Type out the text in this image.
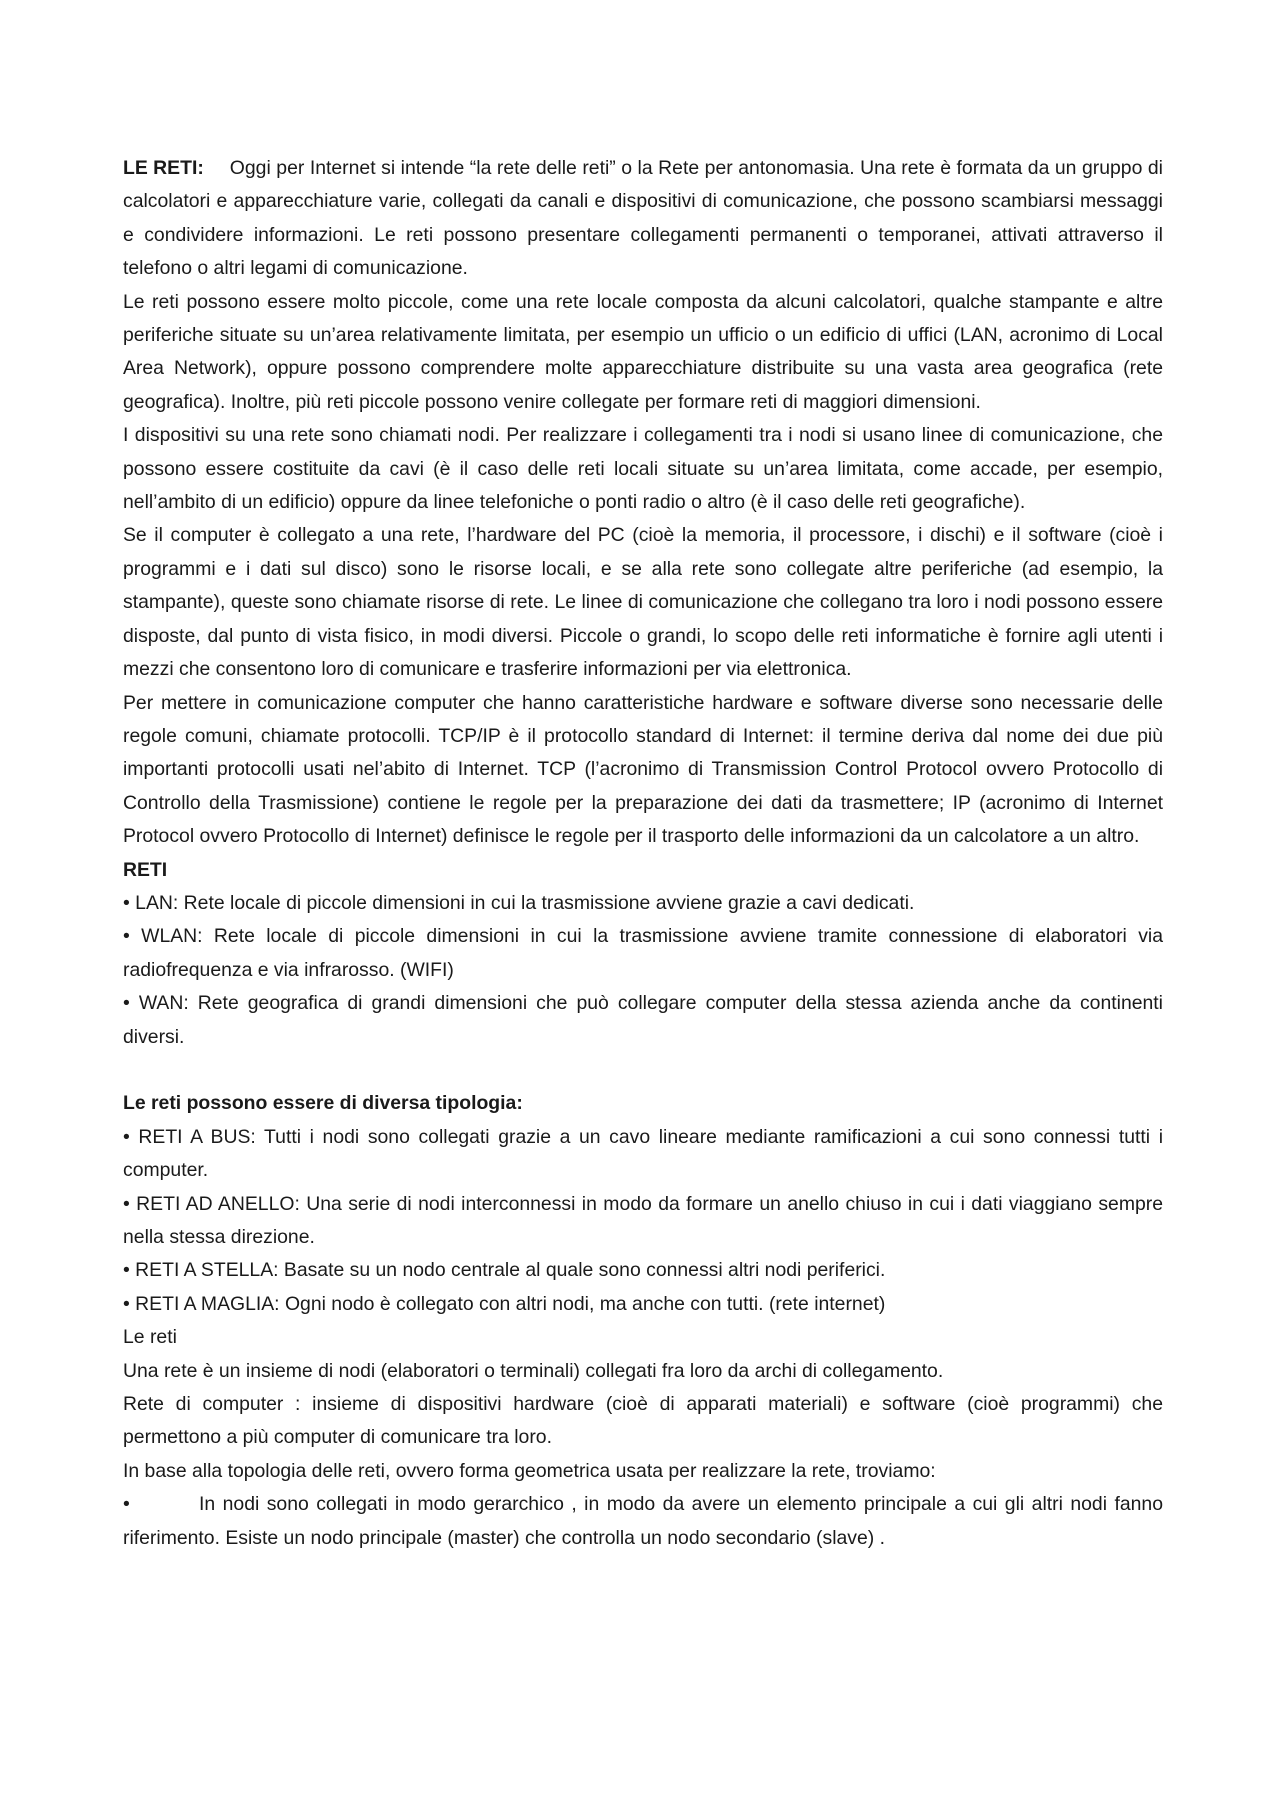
LE RETI: Oggi per Internet si intende “la rete delle reti” o la Rete per antonomasia. Una rete è formata da un gruppo di calcolatori e apparecchiature varie, collegati da canali e dispositivi di comunicazione, che possono scambiarsi messaggi e condividere informazioni. Le reti possono presentare collegamenti permanenti o temporanei, attivati attraverso il telefono o altri legami di comunicazione.

Le reti possono essere molto piccole, come una rete locale composta da alcuni calcolatori, qualche stampante e altre periferiche situate su un’area relativamente limitata, per esempio un ufficio o un edificio di uffici (LAN, acronimo di Local Area Network), oppure possono comprendere molte apparecchiature distribuite su una vasta area geografica (rete geografica). Inoltre, più reti piccole possono venire collegate per formare reti di maggiori dimensioni.

I dispositivi su una rete sono chiamati nodi. Per realizzare i collegamenti tra i nodi si usano linee di comunicazione, che possono essere costituite da cavi (è il caso delle reti locali situate su un’area limitata, come accade, per esempio, nell’ambito di un edificio) oppure da linee telefoniche o ponti radio o altro (è il caso delle reti geografiche).

Se il computer è collegato a una rete, l’hardware del PC (cioè la memoria, il processore, i dischi) e il software (cioè i programmi e i dati sul disco) sono le risorse locali, e se alla rete sono collegate altre periferiche (ad esempio, la stampante), queste sono chiamate risorse di rete. Le linee di comunicazione che collegano tra loro i nodi possono essere disposte, dal punto di vista fisico, in modi diversi. Piccole o grandi, lo scopo delle reti informatiche è fornire agli utenti i mezzi che consentono loro di comunicare e trasferire informazioni per via elettronica.

Per mettere in comunicazione computer che hanno caratteristiche hardware e software diverse sono necessarie delle regole comuni, chiamate protocolli. TCP/IP è il protocollo standard di Internet: il termine deriva dal nome dei due più importanti protocolli usati nel’abito di Internet. TCP (l’acronimo di Transmission Control Protocol ovvero Protocollo di Controllo della Trasmissione) contiene le regole per la preparazione dei dati da trasmettere; IP (acronimo di Internet Protocol ovvero Protocollo di Internet) definisce le regole per il trasporto delle informazioni da un calcolatore a un altro.

RETI

• LAN: Rete locale di piccole dimensioni in cui la trasmissione avviene grazie a cavi dedicati.

• WLAN: Rete locale di piccole dimensioni in cui la trasmissione avviene tramite connessione di elaboratori via radiofrequenza e via infrarosso. (WIFI)

• WAN: Rete geografica di grandi dimensioni che può collegare computer della stessa azienda anche da continenti diversi.

Le reti possono essere di diversa tipologia:

• RETI A BUS: Tutti i nodi sono collegati grazie a un cavo lineare mediante ramificazioni a cui sono connessi tutti i computer.

• RETI AD ANELLO: Una serie di nodi interconnessi in modo da formare un anello chiuso in cui i dati viaggiano sempre nella stessa direzione.

• RETI A STELLA: Basate su un nodo centrale al quale sono connessi altri nodi periferici.

• RETI A MAGLIA: Ogni nodo è collegato con altri nodi, ma anche con tutti. (rete internet)

Le reti

Una rete è un insieme di nodi (elaboratori o terminali) collegati fra loro da archi di collegamento.

Rete di computer : insieme di dispositivi hardware (cioè di apparati materiali) e software (cioè programmi) che permettono a più computer di comunicare tra loro.

In base alla topologia delle reti, ovvero forma geometrica usata per realizzare la rete, troviamo:

•	In nodi sono collegati in modo gerarchico , in modo da avere un elemento principale a cui gli altri nodi fanno riferimento. Esiste un nodo principale (master) che controlla un nodo secondario (slave) .
